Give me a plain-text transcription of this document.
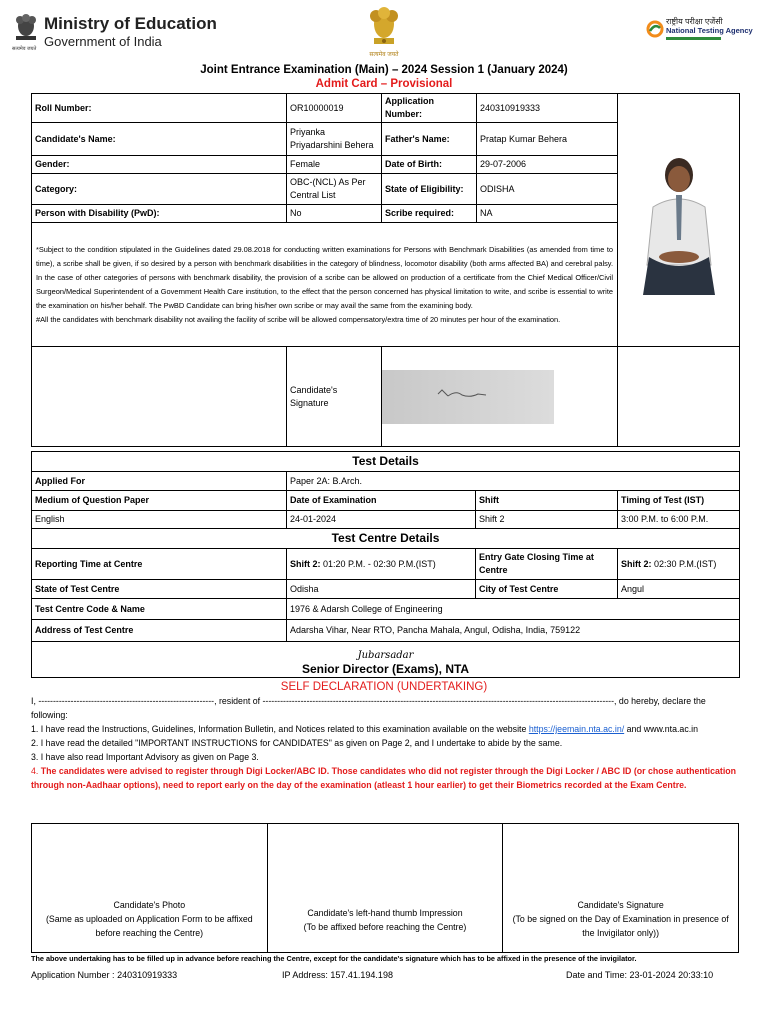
Ministry of Education
Government of India
सत्यमेव जयते
सत्यमेव जयते
राष्ट्रीय परीक्षा एजेंसी
National Testing Agency
Joint Entrance Examination (Main) – 2024 Session 1 (January 2024)
Admit Card – Provisional
Roll Number:	OR10000019	Application Number:	240310919333	

Candidate's Name:	Priyanka Priyadarshini Behera	Father's Name:	Pratap Kumar Behera	
Gender:	Female	Date of Birth:	29-07-2006	
Category:	OBC-(NCL) As Per Central List	State of Eligibility:	ODISHA	
Person with Disability (PwD):	No	Scribe required:	NA	

*Subject to the condition stipulated in the Guidelines dated 29.08.2018 for conducting written examinations for Persons with Benchmark Disabilities (as amended from time to time), a scribe shall be given, if so desired by a person with benchmark disabilities in the category of blindness, locomotor disability (both arms affected BA) and cerebral palsy. In the case of other categories of persons with benchmark disability, the provision of a scribe can be allowed on production of a certificate from the Chief Medical Officer/Civil Surgeon/Medical Superintendent of a Government Health Care institution, to the effect that the person concerned has physical limitation to write, and scribe is essential to write the examination on his/her behalf. The PwBD Candidate can bring his/her own scribe or may avail the same from the examining body.
#All the candidates with benchmark disability not availing the facility of scribe will be allowed compensatory/extra time of 20 minutes per hour of the examination.				

	Candidate's Signature	

Test Details			
Applied For	Paper 2A: B.Arch.		
Medium of Question Paper	Date of Examination	Shift	Timing of Test (IST)
English	24-01-2024	Shift 2	3:00 P.M. to 6:00 P.M.
Test Centre Details			
Reporting Time at Centre	Shift 2: 01:20 P.M. - 02:30 P.M.(IST)	Entry Gate Closing Time at Centre	Shift 2: 02:30 P.M.(IST)
State of Test Centre	Odisha	City of Test Centre	Angul
Test Centre Code & Name	1976 & Adarsh College of Engineering		
Address of Test Centre	Adarsha Vihar, Near RTO, Pancha Mahala, Angul, Odisha, India, 759122		

Jubarsadar
Senior Director (Exams), NTA			
SELF DECLARATION (UNDERTAKING)
I, ------------------------------------------------------------, resident of ------------------------------------------------------------------------------------------------------------------------, do hereby, declare the following:
1. I have read the Instructions, Guidelines, Information Bulletin, and Notices related to this examination available on the website https://jeemain.nta.ac.in/ and www.nta.ac.in
2. I have read the detailed "IMPORTANT INSTRUCTIONS for CANDIDATES" as given on Page 2, and I undertake to abide by the same.
3. I have also read Important Advisory as given on Page 3.
4. The candidates were advised to register through Digi Locker/ABC ID. Those candidates who did not register through the Digi Locker / ABC ID (or chose authentication through non-Aadhaar options), need to report early on the day of the examination (atleast 1 hour earlier) to get their Biometrics recorded at the Exam Centre.
Candidate's Photo
(Same as uploaded on Application Form to be affixed before reaching the Centre)

Candidate's left-hand thumb Impression
(To be affixed before reaching the Centre)

Candidate's Signature
(To be signed on the Day of Examination in presence of the Invigilator only))
The above undertaking has to be filled up in advance before reaching the Centre, except for the candidate's signature which has to be affixed in the presence of the invigilator.
Application Number : 240310919333	IP Address: 157.41.194.198	Date and Time: 23-01-2024 20:33:10
